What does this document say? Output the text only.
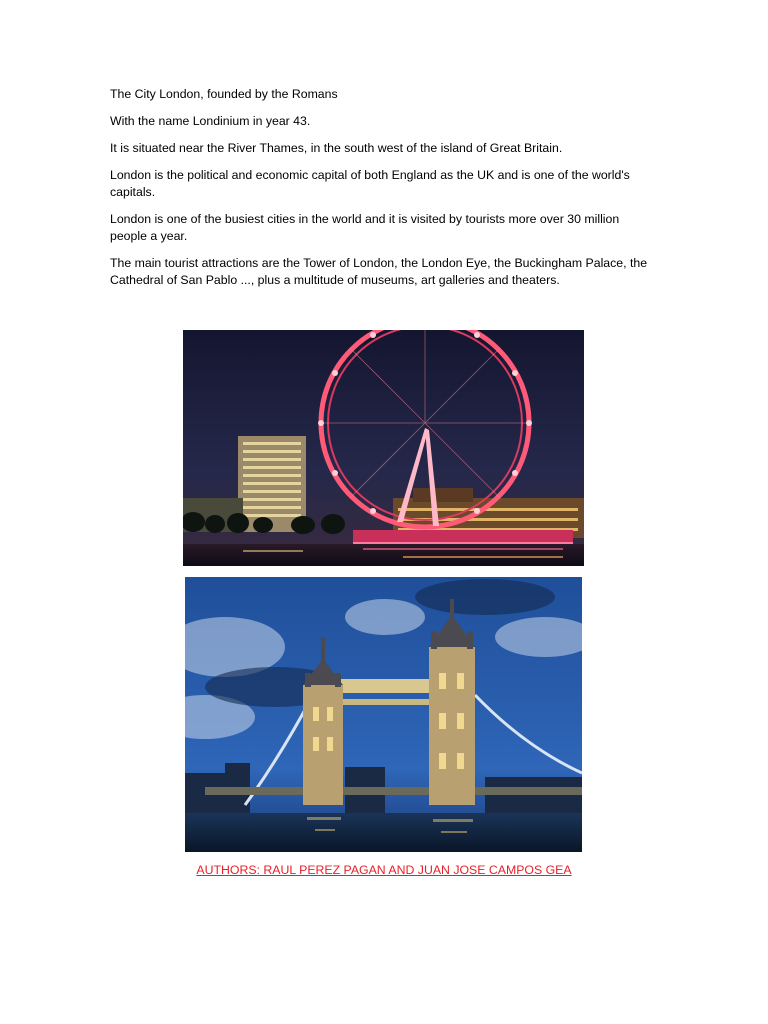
The City London, founded by the Romans

With the name Londinium in year 43.

It is situated near the River Thames, in the south west of the island of Great Britain.

London is the political and economic capital of both England as the UK and is one of the world's capitals.

London is one of the busiest cities in the world and it is visited by tourists more over 30 million people a year.

The main tourist attractions are the Tower of London, the London Eye, the Buckingham Palace, the Cathedral of San Pablo ..., plus a multitude of museums, art galleries and theaters.

AUTHORS: RAUL PEREZ PAGAN AND JUAN JOSE CAMPOS GEA
